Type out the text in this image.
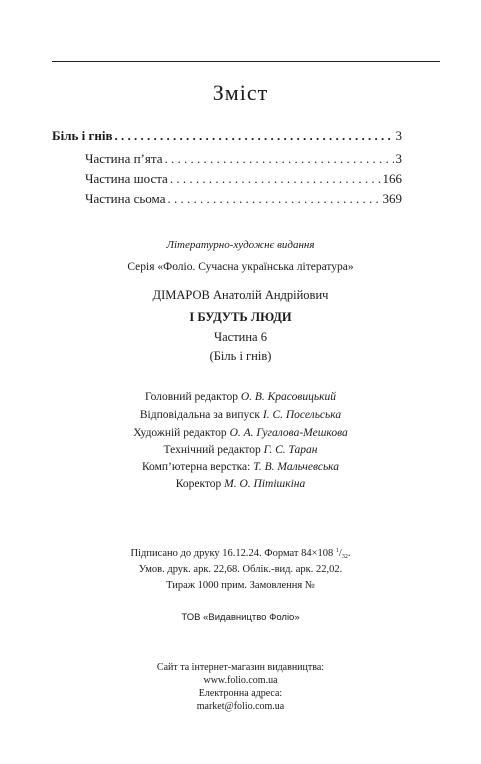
Зміст
Біль і гнів . . .	3
Частина п’ята . . .	3
Частина шоста . . .	166
Частина сьома . . .	369
Літературно-художнє видання
Серія «Фоліо. Сучасна українська література»
ДІМАРОВ Анатолій Андрійович
І БУДУТЬ ЛЮДИ
Частина 6
(Біль і гнів)
Головний редактор О. В. Красовицький
Відповідальна за випуск І. С. Посельська
Художній редактор О. А. Гугалова-Мешкова
Технічний редактор Г. С. Таран
Комп’ютерна верстка: Т. В. Мальчевська
Коректор М. О. Пітішкіна
Підписано до друку 16.12.24. Формат 84×108 $^1/_{32}$.
Умов. друк. арк. 22,68. Облік.-вид. арк. 22,02.
Тираж 1000 прим. Замовлення №
ТОВ «Видавництво Фоліо»
Сайт та інтернет-магазин видавництва:
www.folio.com.ua
Електронна адреса:
market@folio.com.ua
